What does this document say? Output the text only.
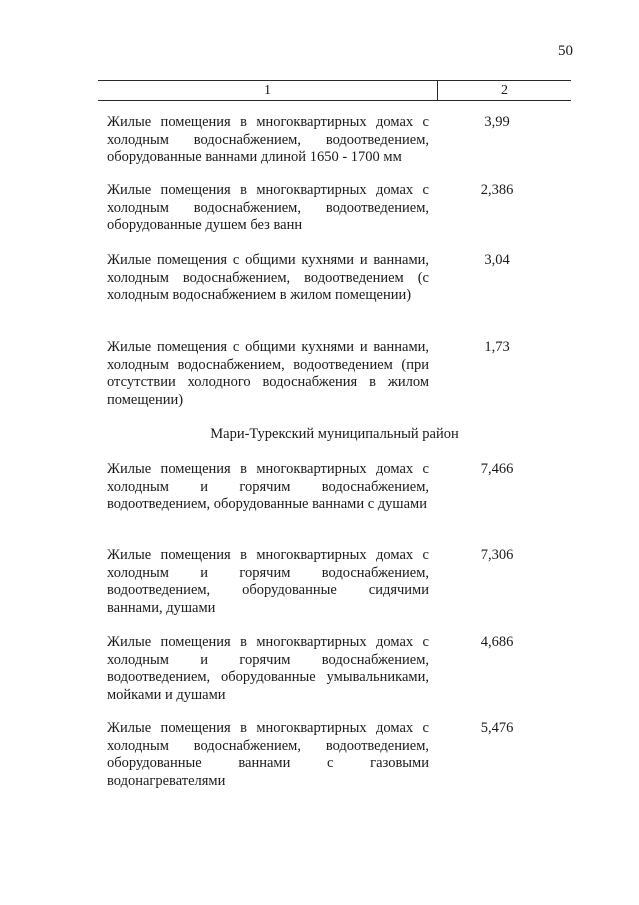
50
1	2
Жилые помещения в многоквартирных домах с холодным водоснабжением, водоотведением, оборудованные ваннами длиной 1650 - 1700 мм
3,99
Жилые помещения в многоквартирных домах с холодным водоснабжением, водоотведением, оборудованные душем без ванн
2,386
Жилые помещения с общими кухнями и ваннами, холодным водоснабжением, водоотведением (с холодным водоснабжением в жилом помещении)
3,04
Жилые помещения с общими кухнями и ваннами, холодным водоснабжением, водоотведением (при отсутствии холодного водоснабжения в жилом помещении)
1,73
Мари-Турекский муниципальный район
Жилые помещения в многоквартирных домах с холодным и горячим водоснабжением, водоотведением, оборудованные ваннами с душами
7,466
Жилые помещения в многоквартирных домах с холодным и горячим водоснабжением, водоотведением, оборудованные сидячими ваннами, душами
7,306
Жилые помещения в многоквартирных домах с холодным и горячим водоснабжением, водоотведением, оборудованные умывальниками, мойками и душами
4,686
Жилые помещения в многоквартирных домах с холодным водоснабжением, водоотведением, оборудованные ваннами с газовыми водонагревателями
5,476
